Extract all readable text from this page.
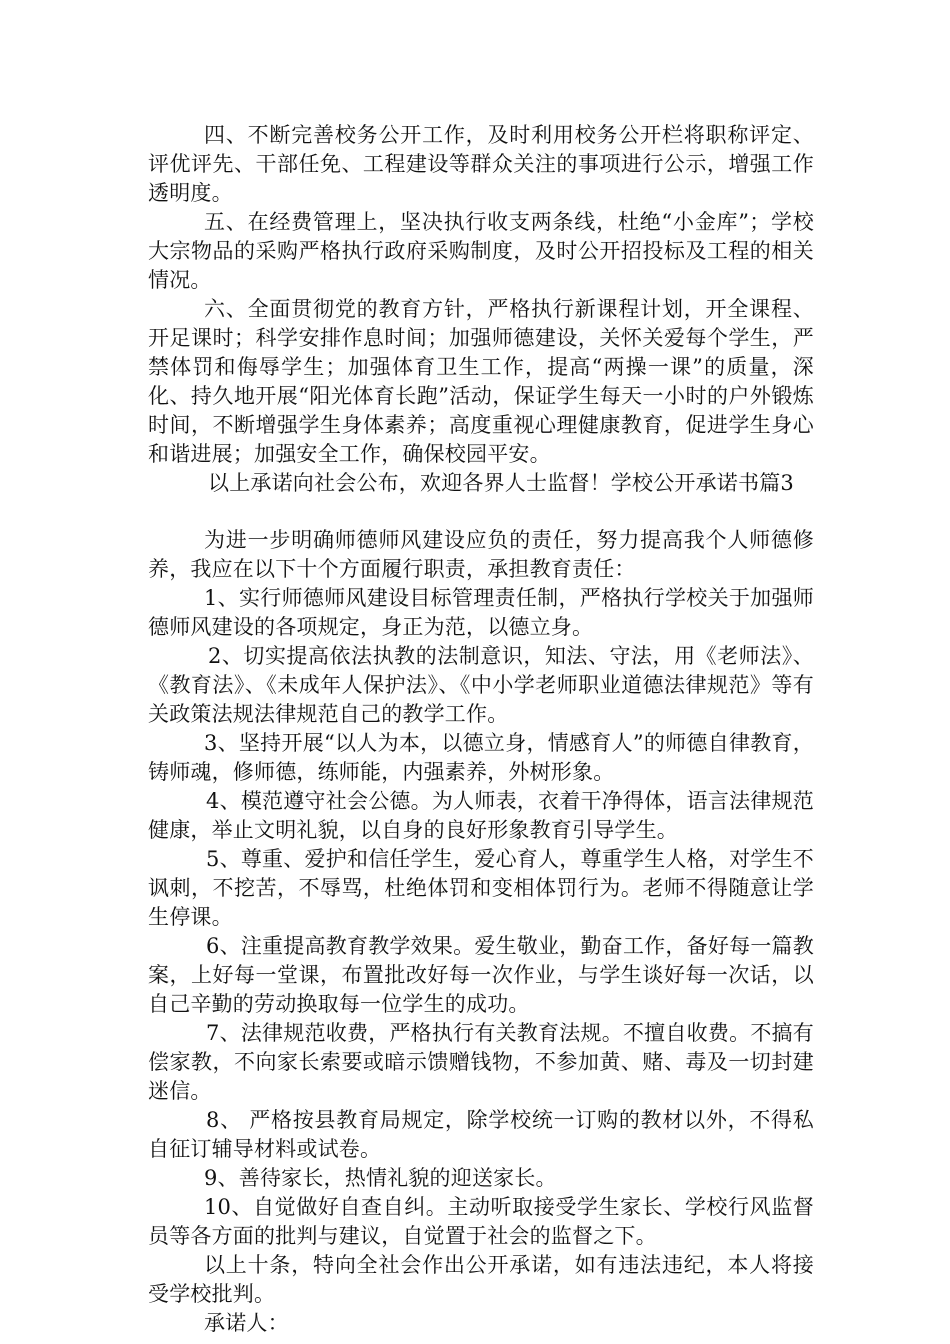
四、不断完善校务公开工作，及时利用校务公开栏将职称评定、评优评先、干部任免、工程建设等群众关注的事项进行公示，增强工作透明度。

五、在经费管理上，坚决执行收支两条线，杜绝“小金库”；学校大宗物品的采购严格执行政府采购制度，及时公开招投标及工程的相关情况。

六、全面贯彻党的教育方针，严格执行新课程计划，开全课程、开足课时；科学安排作息时间；加强师德建设，关怀关爱每个学生，严禁体罚和侮辱学生；加强体育卫生工作，提高“两操一课”的质量，深化、持久地开展“阳光体育长跑”活动，保证学生每天一小时的户外锻炼时间，不断增强学生身体素养；高度重视心理健康教育，促进学生身心和谐进展；加强安全工作，确保校园平安。

以上承诺向社会公布，欢迎各界人士监督！学校公开承诺书篇3

为进一步明确师德师风建设应负的责任，努力提高我个人师德修养，我应在以下十个方面履行职责，承担教育责任：

1、实行师德师风建设目标管理责任制，严格执行学校关于加强师德师风建设的各项规定，身正为范，以德立身。

2、切实提高依法执教的法制意识，知法、守法，用《老师法》、《教育法》、《未成年人保护法》、《中小学老师职业道德法律规范》等有关政策法规法律规范自己的教学工作。

3、坚持开展“以人为本，以德立身，情感育人”的师德自律教育，铸师魂，修师德，练师能，内强素养，外树形象。

4、模范遵守社会公德。为人师表，衣着干净得体，语言法律规范健康，举止文明礼貌，以自身的良好形象教育引导学生。

5、尊重、爱护和信任学生，爱心育人，尊重学生人格，对学生不讽刺，不挖苦，不辱骂，杜绝体罚和变相体罚行为。老师不得随意让学生停课。

6、注重提高教育教学效果。爱生敬业，勤奋工作，备好每一篇教案，上好每一堂课，布置批改好每一次作业，与学生谈好每一次话，以自己辛勤的劳动换取每一位学生的成功。

7、法律规范收费，严格执行有关教育法规。不擅自收费。不搞有偿家教，不向家长索要或暗示馈赠钱物，不参加黄、赌、毒及一切封建迷信。

8、 严格按县教育局规定，除学校统一订购的教材以外，不得私自征订辅导材料或试卷。

9、善待家长，热情礼貌的迎送家长。

10、自觉做好自查自纠。主动听取接受学生家长、学校行风监督员等各方面的批判与建议，自觉置于社会的监督之下。

以上十条，特向全社会作出公开承诺，如有违法违纪，本人将接受学校批判。

承诺人：
